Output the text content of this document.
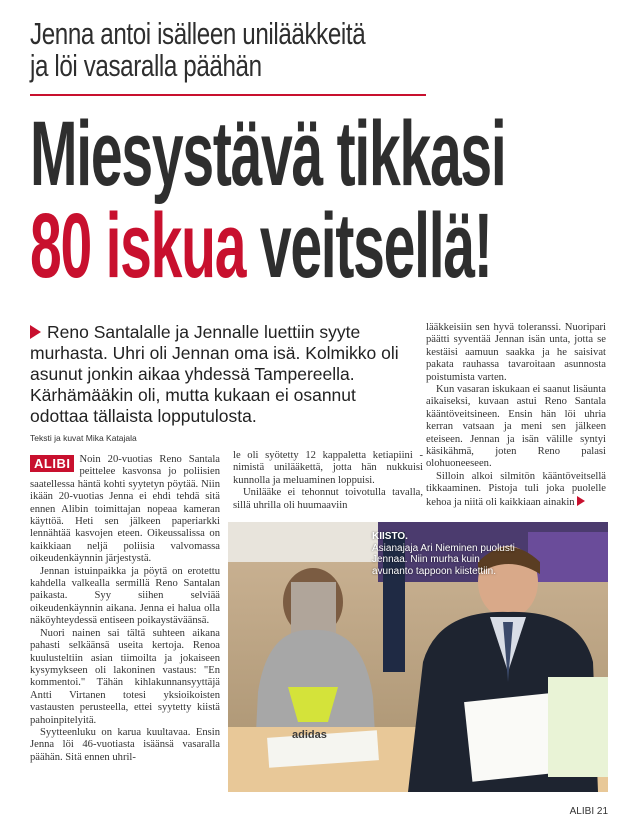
Jenna antoi isälleen unilääkkeitä
ja löi vasaralla päähän
Miesystävä tikkasi
80 iskua veitsellä!
Reno Santalalle ja Jennalle luettiin syyte murhasta. Uhri oli Jennan oma isä. Kolmikko oli asunut jonkin aikaa yhdessä Tampereella. Kärhämääkin oli, mutta kukaan ei osannut odottaa tällaista lopputulosta.
Teksti ja kuvat Mika Katajala

ALIBI Noin 20-vuotias Reno Santala peittelee kasvonsa jo poliisien saatellessa häntä kohti syytetyn pöytää. Niin ikään 20-vuotias Jenna ei ehdi tehdä sitä ennen Alibin toimittajan nopeaa kameran käyttöä. Heti sen jälkeen paperiarkki lennähtää kasvojen eteen. Oikeussalissa on kaikkiaan neljä poliisia valvomassa oikeudenkäynnin järjestystä.

Jennan istuinpaikka ja pöytä on erotettu kahdella valkealla sermillä Reno Santalan paikasta. Syy siihen selviää oikeudenkäynnin aikana. Jenna ei halua olla näköyhteydessä entiseen poikaystäväänsä.

Nuori nainen sai tältä suhteen aikana pahasti selkäänsä useita kertoja. Renoa kuulusteltiin asian tiimoilta ja jokaiseen kysymykseen oli lakoninen vastaus: "En kommentoi." Tähän kihlakunnansyyttäjä Antti Virtanen totesi yksioikoisten vastausten perusteella, ettei syytetty kiistä pahoinpitelyitä.

Syytteenluku on karua kuultavaa. Ensin Jenna löi 46-vuotiasta isäänsä vasaralla päähän. Sitä ennen uhril-

le oli syötetty 12 kappaletta ketiapiini -nimistä unilääkettä, jotta hän nukkuisi kunnolla ja meluaminen loppuisi.

Unilääke ei tehonnut toivotulla tavalla, sillä uhrilla oli huumaaviin

lääkkeisiin sen hyvä toleranssi. Nuoripari päätti syventää Jennan isän unta, jotta se kestäisi aamuun saakka ja he saisivat pakata rauhassa tavaroitaan asunnosta poistumista varten.

Kun vasaran iskukaan ei saanut lisäunta aikaiseksi, kuvaan astui Reno Santala kääntöveitsineen. Ensin hän löi uhria kerran vatsaan ja meni sen jälkeen eteiseen. Jennan ja isän välille syntyi käsikähmä, joten Reno palasi olohuoneeseen.

Silloin alkoi silmitön kääntöveitsellä tikkaaminen. Pistoja tuli joka puolelle kehoa ja niitä oli kaikkiaan ainakin

adidas
KIISTO.
Asianajaja Ari Nieminen puolusti Jennaa. Niin murha kuin avunanto tappoon kiistettiin.
ALIBI 21
